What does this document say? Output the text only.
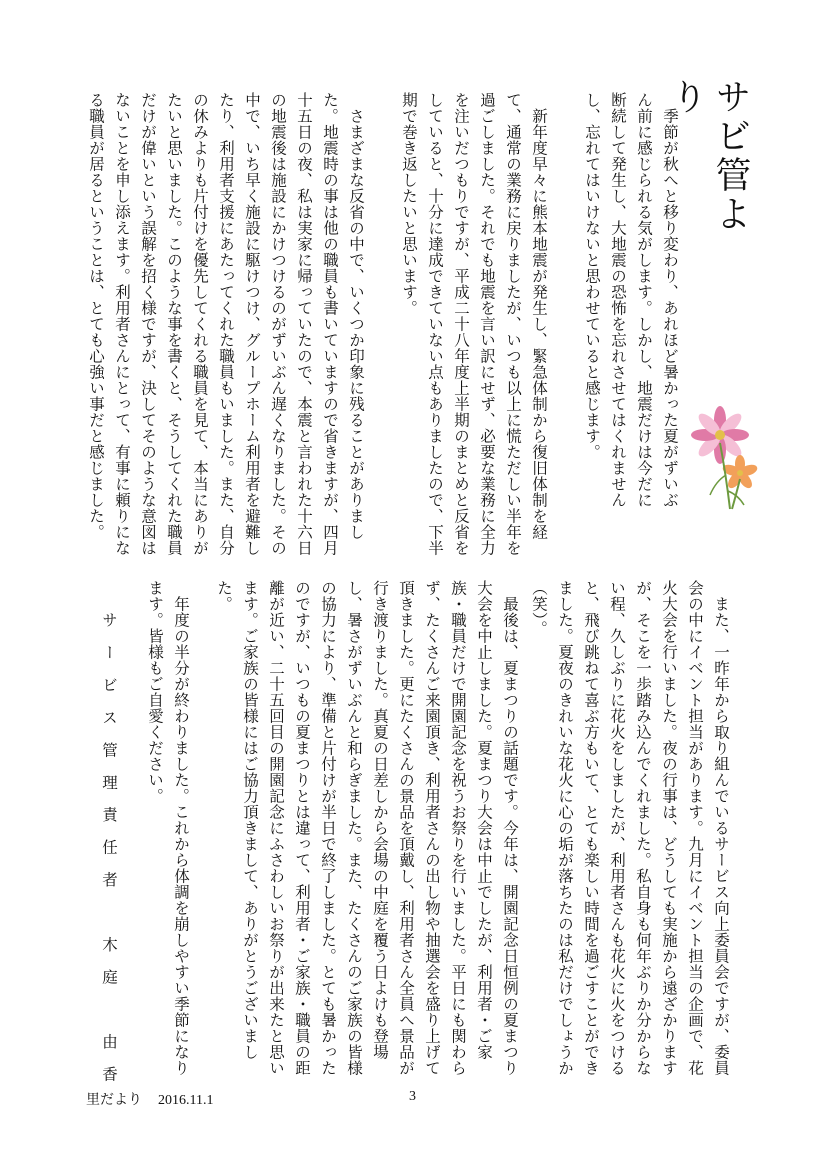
サビ管より
　季節が秋へと移り変わり、あれほど暑かった夏がずいぶん前に感じられる気がします。しかし、地震だけは今だに断続して発生し、大地震の恐怖を忘れさせてはくれませんし、忘れてはいけないと思わせていると感じます。
　新年度早々に熊本地震が発生し、緊急体制から復旧体制を経て、通常の業務に戻りましたが、いつも以上に慌ただしい半年を過ごしました。それでも地震を言い訳にせず、必要な業務に全力を注いだつもりですが、平成二十八年度上半期のまとめと反省をしていると、十分に達成できていない点もありましたので、下半期で巻き返したいと思います。
　さまざまな反省の中で、いくつか印象に残ることがありました。地震時の事は他の職員も書いていますので省きますが、四月十五日の夜、私は実家に帰っていたので、本震と言われた十六日の地震後は施設にかけつけるのがずいぶん遅くなりました。その中で、いち早く施設に駆けつけ、グループホーム利用者を避難したり、利用者支援にあたってくれた職員もいました。また、自分の休みよりも片付けを優先してくれる職員を見て、本当にありがたいと思いました。このような事を書くと、そうしてくれた職員だけが偉いという誤解を招く様ですが、決してそのような意図はないことを申し添えます。利用者さんにとって、有事に頼りになる職員が居るということは、とても心強い事だと感じました。
　また、一昨年から取り組んでいるサービス向上委員会ですが、委員会の中にイベント担当があります。九月にイベント担当の企画で、花火大会を行いました。夜の行事は、どうしても実施から遠ざかりますが、そこを一歩踏み込んでくれました。私自身も何年ぶりか分からない程、久しぶりに花火をしましたが、利用者さんも花火に火をつけると、飛び跳ねて喜ぶ方もいて、とても楽しい時間を過ごすことができました。夏夜のきれいな花火に心の垢が落ちたのは私だけでしょうか（笑）。
　最後は、夏まつりの話題です。今年は、開園記念日恒例の夏まつり大会を中止しました。夏まつり大会は中止でしたが、利用者・ご家族・職員だけで開園記念を祝うお祭りを行いました。平日にも関わらず、たくさんご来園頂き、利用者さんの出し物や抽選会を盛り上げて頂きました。更にたくさんの景品を頂戴し、利用者さん全員へ景品が行き渡りました。真夏の日差しから会場の中庭を覆う日よけも登場し、暑さがずいぶんと和らぎました。また、たくさんのご家族の皆様の協力により、準備と片付けが半日で終了しました。とても暑かったのですが、いつもの夏まつりとは違って、利用者・ご家族・職員の距離が近い、二十五回目の開園記念にふさわしいお祭りが出来たと思います。ご家族の皆様にはご協力頂きまして、ありがとうございました。
　年度の半分が終わりました。これから体調を崩しやすい季節になります。皆様もご自愛ください。
サービス管理責任者　木庭　由香
里だより 2016.11.1	3
